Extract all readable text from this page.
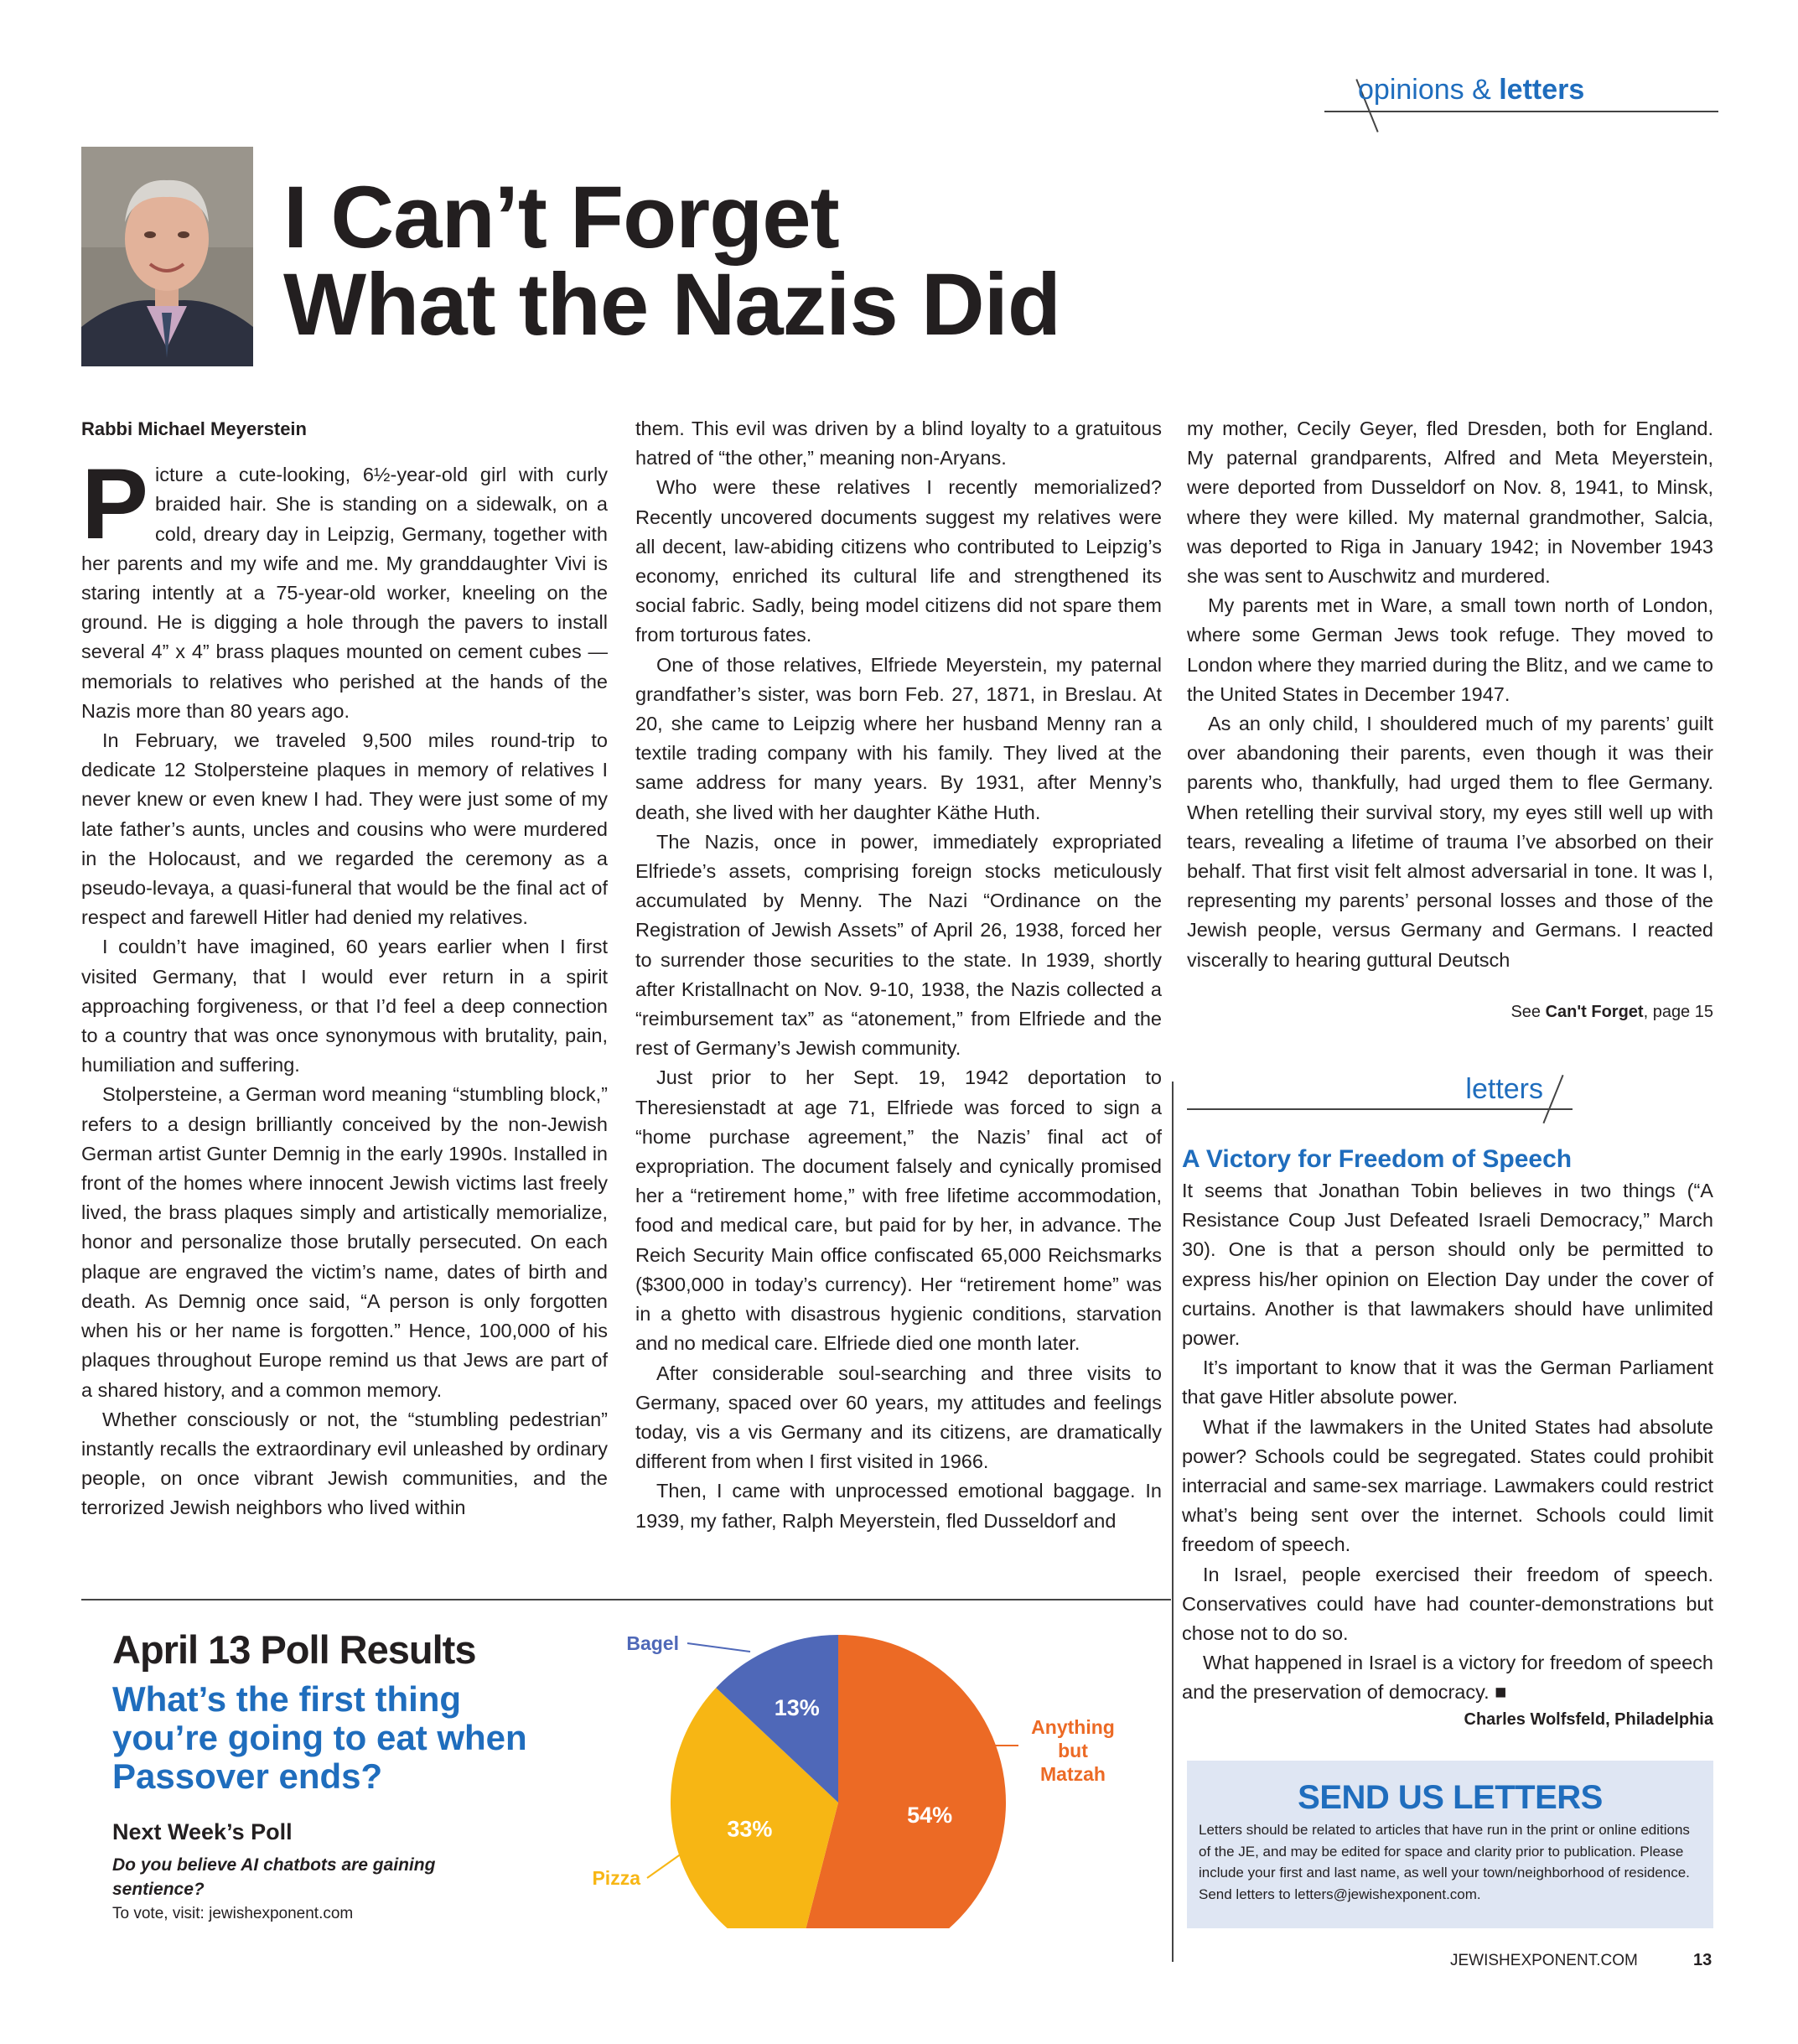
opinions & letters
I Can’t Forget
What the Nazis Did
Rabbi Michael Meyerstein

Picture a cute-looking, 6½-year-old girl with curly braided hair. She is standing on a sidewalk, on a cold, dreary day in Leipzig, Germany, together with her parents and my wife and me. My granddaughter Vivi is staring intently at a 75-year-old worker, kneeling on the ground. He is digging a hole through the pavers to install several 4” x 4” brass plaques mounted on cement cubes — memorials to relatives who perished at the hands of the Nazis more than 80 years ago.

In February, we traveled 9,500 miles round-trip to dedicate 12 Stolpersteine plaques in memory of relatives I never knew or even knew I had. They were just some of my late father’s aunts, uncles and cousins who were murdered in the Holocaust, and we regarded the ceremony as a pseudo-levaya, a quasi-funeral that would be the final act of respect and farewell Hitler had denied my relatives.

I couldn’t have imagined, 60 years earlier when I first visited Germany, that I would ever return in a spirit approaching forgiveness, or that I’d feel a deep connection to a country that was once synonymous with brutality, pain, humiliation and suffering.

Stolpersteine, a German word meaning “stumbling block,” refers to a design brilliantly conceived by the non-Jewish German artist Gunter Demnig in the early 1990s. Installed in front of the homes where innocent Jewish victims last freely lived, the brass plaques simply and artistically memorialize, honor and personalize those brutally persecuted. On each plaque are engraved the victim’s name, dates of birth and death. As Demnig once said, “A person is only forgotten when his or her name is forgotten.” Hence, 100,000 of his plaques throughout Europe remind us that Jews are part of a shared history, and a common memory.

Whether consciously or not, the “stumbling pedestrian” instantly recalls the extraordinary evil unleashed by ordinary people, on once vibrant Jewish communities, and the terrorized Jewish neighbors who lived within

them. This evil was driven by a blind loyalty to a gratuitous hatred of “the other,” meaning non-Aryans.

Who were these relatives I recently memorialized? Recently uncovered documents suggest my relatives were all decent, law-abiding citizens who contributed to Leipzig’s economy, enriched its cultural life and strengthened its social fabric. Sadly, being model citizens did not spare them from torturous fates.

One of those relatives, Elfriede Meyerstein, my paternal grandfather’s sister, was born Feb. 27, 1871, in Breslau. At 20, she came to Leipzig where her husband Menny ran a textile trading company with his family. They lived at the same address for many years. By 1931, after Menny’s death, she lived with her daughter Käthe Huth.

The Nazis, once in power, immediately expropriated Elfriede’s assets, comprising foreign stocks meticulously accumulated by Menny. The Nazi “Ordinance on the Registration of Jewish Assets” of April 26, 1938, forced her to surrender those securities to the state. In 1939, shortly after Kristallnacht on Nov. 9-10, 1938, the Nazis collected a “reimbursement tax” as “atonement,” from Elfriede and the rest of Germany’s Jewish community.

Just prior to her Sept. 19, 1942 deportation to Theresienstadt at age 71, Elfriede was forced to sign a “home purchase agreement,” the Nazis’ final act of expropriation. The document falsely and cynically promised her a “retirement home,” with free lifetime accommodation, food and medical care, but paid for by her, in advance. The Reich Security Main office confiscated 65,000 Reichsmarks ($300,000 in today’s currency). Her “retirement home” was in a ghetto with disastrous hygienic conditions, starvation and no medical care. Elfriede died one month later.

After considerable soul-searching and three visits to Germany, spaced over 60 years, my attitudes and feelings today, vis a vis Germany and its citizens, are dramatically different from when I first visited in 1966.

Then, I came with unprocessed emotional baggage. In 1939, my father, Ralph Meyerstein, fled Dusseldorf and

my mother, Cecily Geyer, fled Dresden, both for England. My paternal grandparents, Alfred and Meta Meyerstein, were deported from Dusseldorf on Nov. 8, 1941, to Minsk, where they were killed. My maternal grandmother, Salcia, was deported to Riga in January 1942; in November 1943 she was sent to Auschwitz and murdered.

My parents met in Ware, a small town north of London, where some German Jews took refuge. They moved to London where they married during the Blitz, and we came to the United States in December 1947.

As an only child, I shouldered much of my parents’ guilt over abandoning their parents, even though it was their parents who, thankfully, had urged them to flee Germany. When retelling their survival story, my eyes still well up with tears, revealing a lifetime of trauma I’ve absorbed on their behalf. That first visit felt almost adversarial in tone. It was I, representing my parents’ personal losses and those of the Jewish people, versus Germany and Germans. I reacted viscerally to hearing guttural Deutsch

See Can't Forget, page 15
letters
A Victory for Freedom of Speech

It seems that Jonathan Tobin believes in two things (“A Resistance Coup Just Defeated Israeli Democracy,” March 30). One is that a person should only be permitted to express his/her opinion on Election Day under the cover of curtains. Another is that lawmakers should have unlimited power.

It’s important to know that it was the German Parliament that gave Hitler absolute power.

What if the lawmakers in the United States had absolute power? Schools could be segregated. States could prohibit interracial and same-sex marriage. Lawmakers could restrict what’s being sent over the internet. Schools could limit freedom of speech.

In Israel, people exercised their freedom of speech. Conservatives could have had counter-demonstrations but chose not to do so.

What happened in Israel is a victory for freedom of speech and the preservation of democracy. ■

Charles Wolfsfeld, Philadelphia
SEND US LETTERS
Letters should be related to articles that have run in the print or online editions of the JE, and may be edited for space and clarity prior to publication. Please include your first and last name, as well your town/neighborhood of residence. Send letters to letters@jewishexponent.com.
April 13 Poll Results
What’s the first thing you’re going to eat when Passover ends?
Next Week’s Poll
Do you believe AI chatbots are gaining sentience?
To vote, visit: jewishexponent.com
54%
33%
13%
Anything but Matzah
Pizza
Bagel
JEWISHEXPONENT.COM	13
